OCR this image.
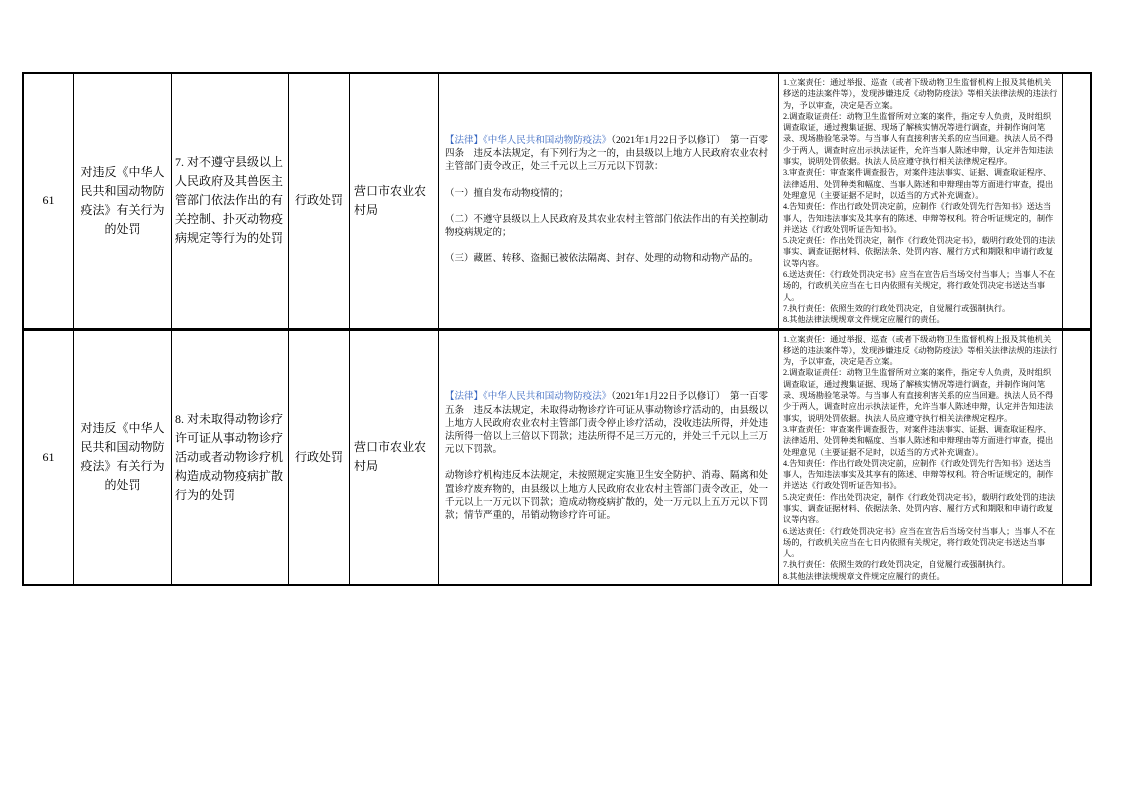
61
对违反《中华人民共和国动物防疫法》有关行为的处罚
7. 对不遵守县级以上人民政府及其兽医主管部门依法作出的有关控制、扑灭动物疫病规定等行为的处罚
行政处罚
营口市农业农村局

【法律】《中华人民共和国动物防疫法》（2021年1月22日予以修订）　第一百零四条　违反本法规定，有下列行为之一的，由县级以上地方人民政府农业农村主管部门责令改正，处三千元以上三万元以下罚款：

（一）擅自发布动物疫情的；

（二）不遵守县级以上人民政府及其农业农村主管部门依法作出的有关控制动物疫病规定的；

（三）藏匿、转移、盗掘已被依法隔离、封存、处理的动物和动物产品的。

1.立案责任：通过举报、巡查（或者下级动物卫生监督机构上报及其他机关移送的违法案件等），发现涉嫌违反《动物防疫法》等相关法律法规的违法行为，予以审查，决定是否立案。

2.调查取证责任：动物卫生监督所对立案的案件，指定专人负责，及时组织调查取证，通过搜集证据、现场了解核实情况等进行调查，并制作询问笔录、现场勘验笔录等。与当事人有直接利害关系的应当回避。执法人员不得少于两人，调查时应出示执法证件，允许当事人陈述申辩，认定并告知违法事实，说明处罚依据。执法人员应遵守执行相关法律规定程序。

3.审查责任：审查案件调查报告，对案件违法事实、证据、调查取证程序、法律适用、处罚种类和幅度、当事人陈述和申辩理由等方面进行审查，提出处理意见（主要证据不足时，以适当的方式补充调查）。

4.告知责任：作出行政处罚决定前，应制作《行政处罚先行告知书》送达当事人，告知违法事实及其享有的陈述、申辩等权利。符合听证规定的，制作并送达《行政处罚听证告知书》。

5.决定责任：作出处罚决定，制作《行政处罚决定书》，载明行政处罚的违法事实、调查证据材料、依据法条、处罚内容、履行方式和期限和申请行政复议等内容。

6.送达责任：《行政处罚决定书》应当在宣告后当场交付当事人；当事人不在场的，行政机关应当在七日内依照有关规定，将行政处罚决定书送达当事人。

7.执行责任：依照生效的行政处罚决定，自觉履行或强制执行。

8.其他法律法规规章文件规定应履行的责任。

61
对违反《中华人民共和国动物防疫法》有关行为的处罚
8. 对未取得动物诊疗许可证从事动物诊疗活动或者动物诊疗机构造成动物疫病扩散行为的处罚
行政处罚
营口市农业农村局

【法律】《中华人民共和国动物防疫法》（2021年1月22日予以修订）　第一百零五条　违反本法规定，未取得动物诊疗许可证从事动物诊疗活动的，由县级以上地方人民政府农业农村主管部门责令停止诊疗活动，没收违法所得，并处违法所得一倍以上三倍以下罚款；违法所得不足三万元的，并处三千元以上三万元以下罚款。

动物诊疗机构违反本法规定，未按照规定实施卫生安全防护、消毒、隔离和处置诊疗废弃物的，由县级以上地方人民政府农业农村主管部门责令改正，处一千元以上一万元以下罚款；造成动物疫病扩散的，处一万元以上五万元以下罚款；情节严重的，吊销动物诊疗许可证。

1.立案责任：通过举报、巡查（或者下级动物卫生监督机构上报及其他机关移送的违法案件等），发现涉嫌违反《动物防疫法》等相关法律法规的违法行为，予以审查，决定是否立案。

2.调查取证责任：动物卫生监督所对立案的案件，指定专人负责，及时组织调查取证，通过搜集证据、现场了解核实情况等进行调查，并制作询问笔录、现场勘验笔录等。与当事人有直接利害关系的应当回避。执法人员不得少于两人，调查时应出示执法证件，允许当事人陈述申辩，认定并告知违法事实，说明处罚依据。执法人员应遵守执行相关法律规定程序。

3.审查责任：审查案件调查报告，对案件违法事实、证据、调查取证程序、法律适用、处罚种类和幅度、当事人陈述和申辩理由等方面进行审查，提出处理意见（主要证据不足时，以适当的方式补充调查）。

4.告知责任：作出行政处罚决定前，应制作《行政处罚先行告知书》送达当事人，告知违法事实及其享有的陈述、申辩等权利。符合听证规定的，制作并送达《行政处罚听证告知书》。

5.决定责任：作出处罚决定，制作《行政处罚决定书》，载明行政处罚的违法事实、调查证据材料、依据法条、处罚内容、履行方式和期限和申请行政复议等内容。

6.送达责任：《行政处罚决定书》应当在宣告后当场交付当事人；当事人不在场的，行政机关应当在七日内依照有关规定，将行政处罚决定书送达当事人。

7.执行责任：依照生效的行政处罚决定，自觉履行或强制执行。

8.其他法律法规规章文件规定应履行的责任。
